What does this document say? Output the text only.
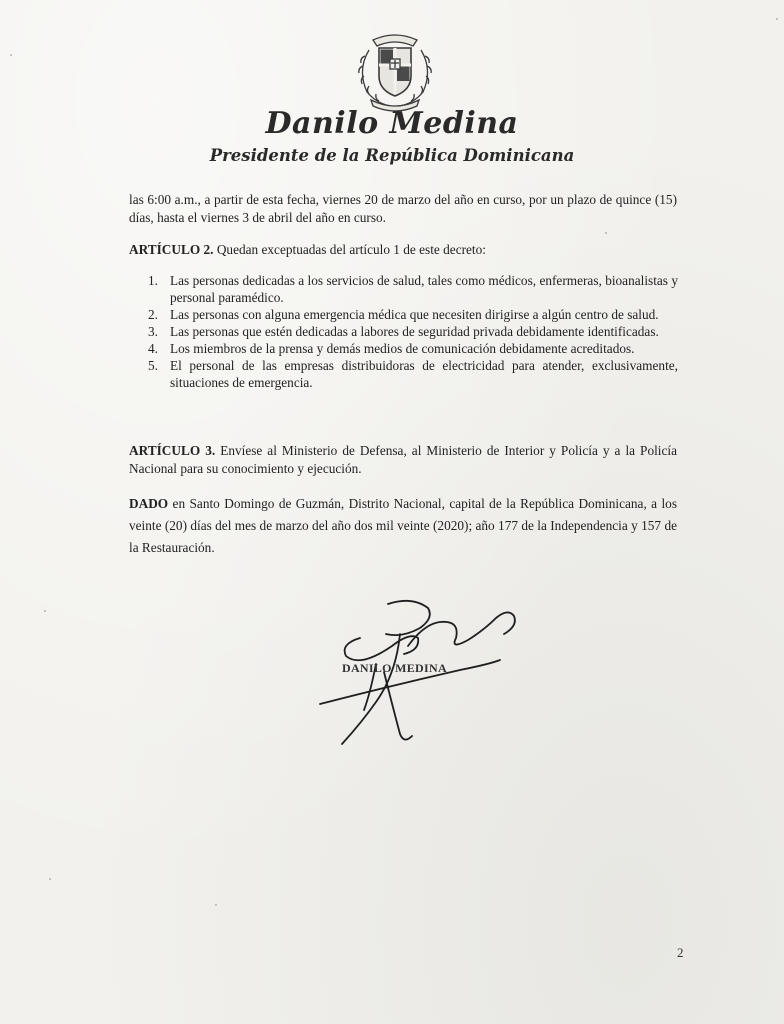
Danilo Medina
Presidente de la República Dominicana

las 6:00 a.m., a partir de esta fecha, viernes 20 de marzo del año en curso, por un plazo de quince (15) días, hasta el viernes 3 de abril del año en curso.

ARTÍCULO 2. Quedan exceptuadas del artículo 1 de este decreto:

1. Las personas dedicadas a los servicios de salud, tales como médicos, enfermeras, bioanalistas y personal paramédico.
2. Las personas con alguna emergencia médica que necesiten dirigirse a algún centro de salud.
3. Las personas que estén dedicadas a labores de seguridad privada debidamente identificadas.
4. Los miembros de la prensa y demás medios de comunicación debidamente acreditados.
5. El personal de las empresas distribuidoras de electricidad para atender, exclusivamente, situaciones de emergencia.

ARTÍCULO 3. Envíese al Ministerio de Defensa, al Ministerio de Interior y Policía y a la Policía Nacional para su conocimiento y ejecución.

DADO en Santo Domingo de Guzmán, Distrito Nacional, capital de la República Dominicana, a los veinte (20) días del mes de marzo del año dos mil veinte (2020); año 177 de la Independencia y 157 de la Restauración.

DANILO MEDINA
2
